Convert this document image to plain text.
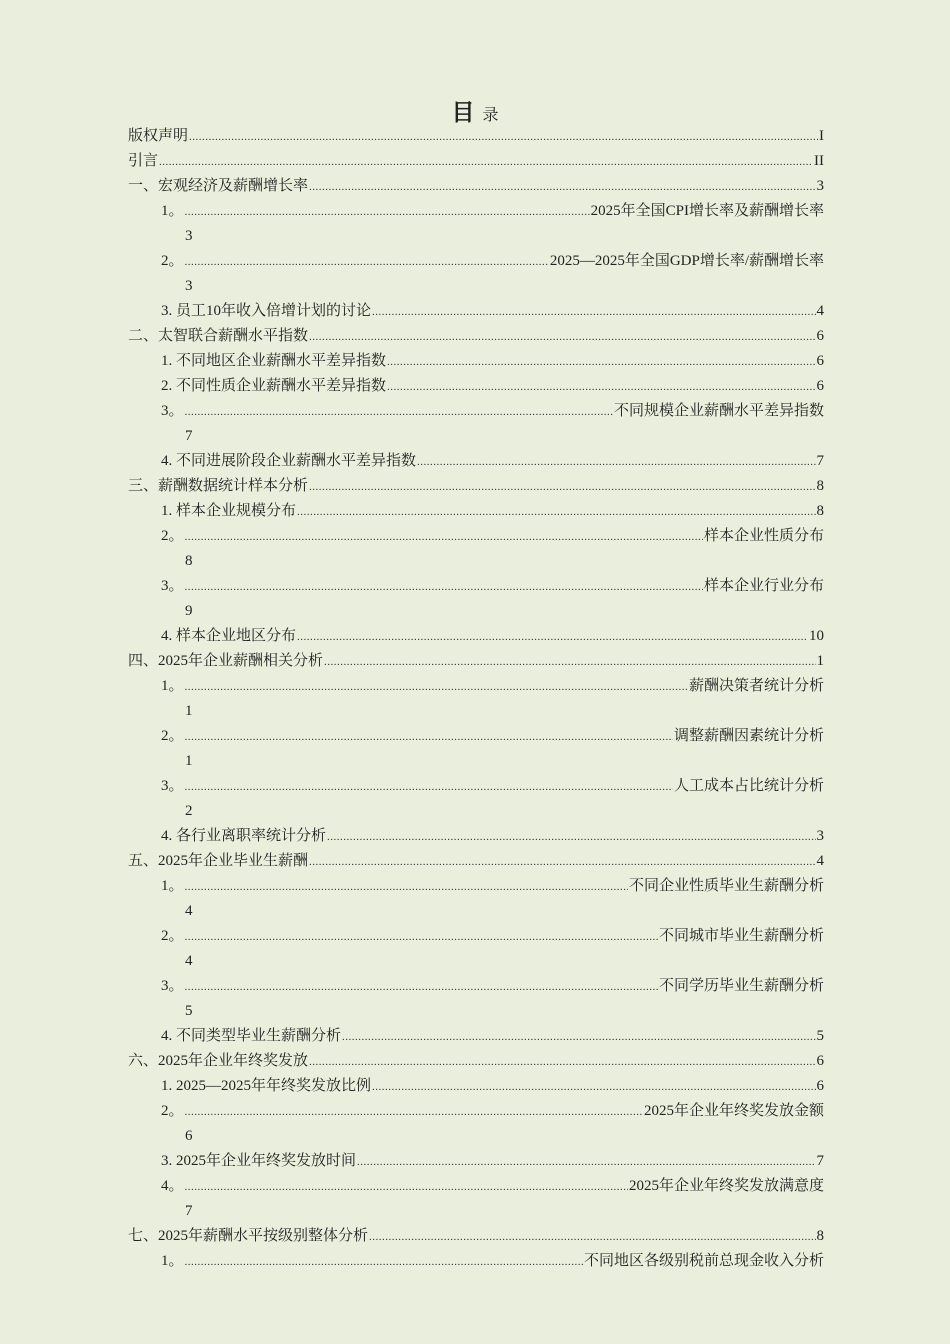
目录
版权声明 .....	I
引言 .....	II
一、宏观经济及薪酬增长率 .....	3
1。 .....	2025年全国CPI增长率及薪酬增长率
3
2。 .....	2025—2025年全国GDP增长率/薪酬增长率
3
3. 员工10年收入倍增计划的讨论 .....	4
二、太智联合薪酬水平指数 .....	6
1. 不同地区企业薪酬水平差异指数 .....	6
2. 不同性质企业薪酬水平差异指数 .....	6
3。 .....	不同规模企业薪酬水平差异指数
7
4. 不同进展阶段企业薪酬水平差异指数 .....	7
三、薪酬数据统计样本分析 .....	8
1. 样本企业规模分布 .....	8
2。 .....	样本企业性质分布
8
3。 .....	样本企业行业分布
9
4. 样本企业地区分布 .....	10
四、2025年企业薪酬相关分析 .....	1
1。 .....	薪酬决策者统计分析
1
2。 .....	调整薪酬因素统计分析
1
3。 .....	人工成本占比统计分析
2
4. 各行业离职率统计分析 .....	3
五、2025年企业毕业生薪酬 .....	4
1。 .....	不同企业性质毕业生薪酬分析
4
2。 .....	不同城市毕业生薪酬分析
4
3。 .....	不同学历毕业生薪酬分析
5
4. 不同类型毕业生薪酬分析 .....	5
六、2025年企业年终奖发放 .....	6
1. 2025—2025年年终奖发放比例 .....	6
2。 .....	2025年企业年终奖发放金额
6
3. 2025年企业年终奖发放时间 .....	7
4。 .....	2025年企业年终奖发放满意度
7
七、2025年薪酬水平按级别整体分析 .....	8
1。 .....	不同地区各级别税前总现金收入分析
